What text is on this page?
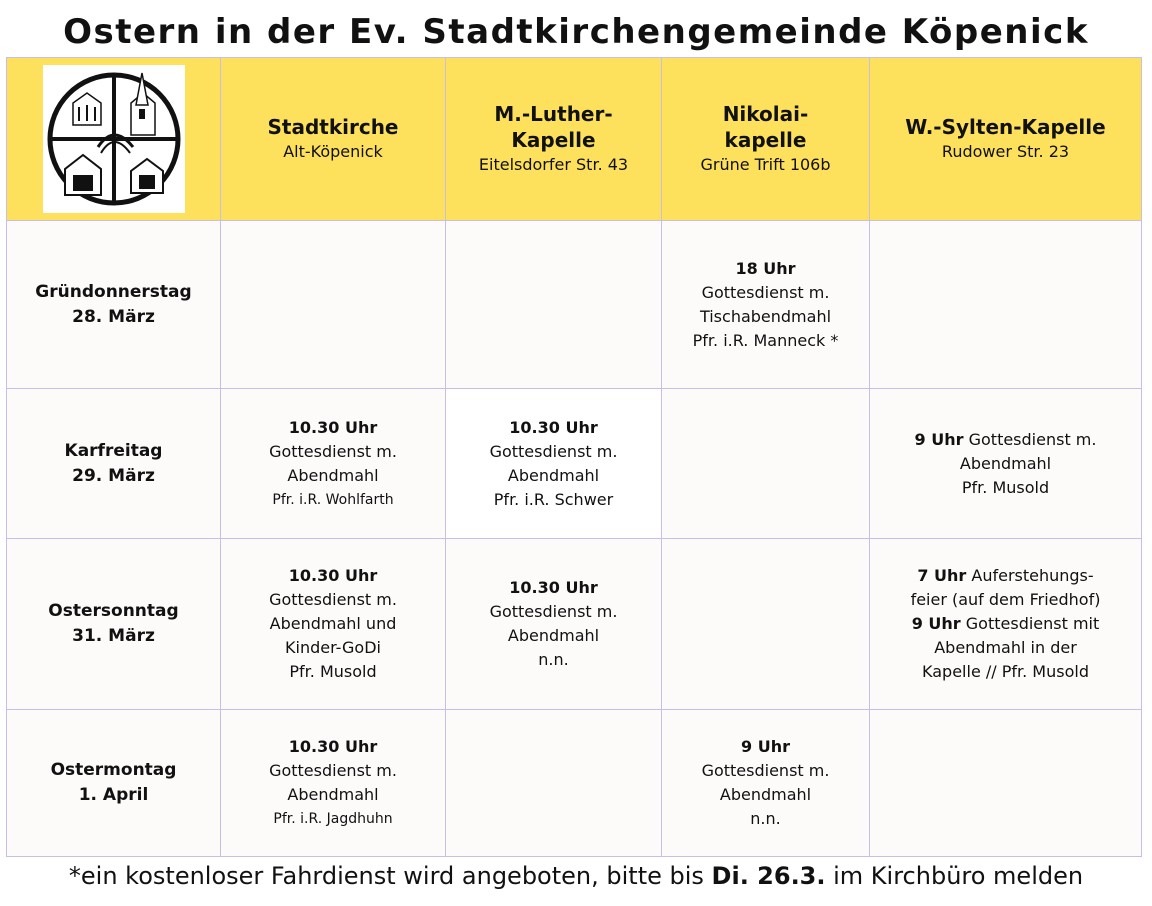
Ostern in der Ev. Stadtkirchengemeinde Köpenick
Stadtkirche
Alt-Köpenick
M.-Luther-Kapelle
Eitelsdorfer Str. 43
Nikolai-kapelle
Grüne Trift 106b
W.-Sylten-Kapelle
Rudower Str. 23
Gründonnerstag
28. März
18 Uhr
Gottesdienst m.
Tischabendmahl
Pfr. i.R. Manneck *
Karfreitag
29. März
10.30 Uhr
Gottesdienst m.
Abendmahl
Pfr. i.R. Wohlfarth
10.30 Uhr
Gottesdienst m.
Abendmahl
Pfr. i.R. Schwer
9 Uhr Gottesdienst m.
Abendmahl
Pfr. Musold
Ostersonntag
31. März
10.30 Uhr
Gottesdienst m.
Abendmahl und
Kinder-GoDi
Pfr. Musold
10.30 Uhr
Gottesdienst m.
Abendmahl
n.n.
7 Uhr Auferstehungs-
feier (auf dem Friedhof)
9 Uhr Gottesdienst mit
Abendmahl in der
Kapelle // Pfr. Musold
Ostermontag
1. April
10.30 Uhr
Gottesdienst m.
Abendmahl
Pfr. i.R. Jagdhuhn
9 Uhr
Gottesdienst m.
Abendmahl
n.n.
*ein kostenloser Fahrdienst wird angeboten, bitte bis Di. 26.3. im Kirchbüro melden
